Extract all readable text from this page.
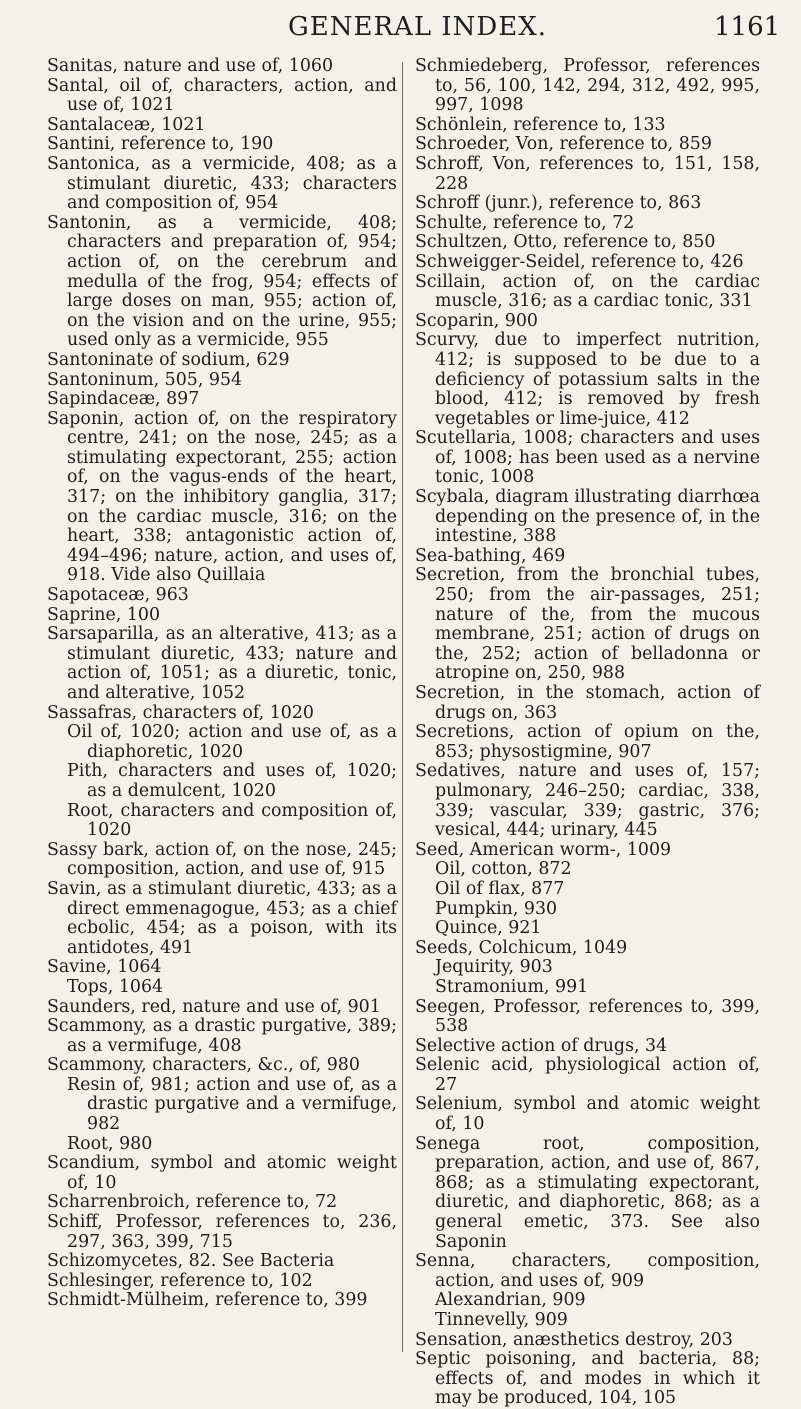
GENERAL INDEX.	1161
Sanitas, nature and use of, 1060
Santal, oil of, characters, action, and use of, 1021
Santalaceæ, 1021
Santini, reference to, 190
Santonica, as a vermicide, 408; as a stimulant diuretic, 433; characters and composition of, 954
Santonin, as a vermicide, 408; characters and preparation of, 954; action of, on the cerebrum and medulla of the frog, 954; effects of large doses on man, 955; action of, on the vision and on the urine, 955; used only as a vermicide, 955
Santoninate of sodium, 629
Santoninum, 505, 954
Sapindaceæ, 897
Saponin, action of, on the respiratory centre, 241; on the nose, 245; as a stimulating expectorant, 255; action of, on the vagus-ends of the heart, 317; on the inhibitory ganglia, 317; on the cardiac muscle, 316; on the heart, 338; antagonistic action of, 494–496; nature, action, and uses of, 918. Vide also Quillaia
Sapotaceæ, 963
Saprine, 100
Sarsaparilla, as an alterative, 413; as a stimulant diuretic, 433; nature and action of, 1051; as a diuretic, tonic, and alterative, 1052
Sassafras, characters of, 1020
Oil of, 1020; action and use of, as a diaphoretic, 1020
Pith, characters and uses of, 1020; as a demulcent, 1020
Root, characters and composition of, 1020
Sassy bark, action of, on the nose, 245; composition, action, and use of, 915
Savin, as a stimulant diuretic, 433; as a direct emmenagogue, 453; as a chief ecbolic, 454; as a poison, with its antidotes, 491
Savine, 1064
Tops, 1064
Saunders, red, nature and use of, 901
Scammony, as a drastic purgative, 389; as a vermifuge, 408
Scammony, characters, &c., of, 980
Resin of, 981; action and use of, as a drastic purgative and a vermifuge, 982
Root, 980
Scandium, symbol and atomic weight of, 10
Scharrenbroich, reference to, 72
Schiff, Professor, references to, 236, 297, 363, 399, 715
Schizomycetes, 82. See Bacteria
Schlesinger, reference to, 102
Schmidt-Mülheim, reference to, 399
Schmiedeberg, Professor, references to, 56, 100, 142, 294, 312, 492, 995, 997, 1098
Schönlein, reference to, 133
Schroeder, Von, reference to, 859
Schroff, Von, references to, 151, 158, 228
Schroff (junr.), reference to, 863
Schulte, reference to, 72
Schultzen, Otto, reference to, 850
Schweigger-Seidel, reference to, 426
Scillain, action of, on the cardiac muscle, 316; as a cardiac tonic, 331
Scoparin, 900
Scurvy, due to imperfect nutrition, 412; is supposed to be due to a deficiency of potassium salts in the blood, 412; is removed by fresh vegetables or lime-juice, 412
Scutellaria, 1008; characters and uses of, 1008; has been used as a nervine tonic, 1008
Scybala, diagram illustrating diarrhœa depending on the presence of, in the intestine, 388
Sea-bathing, 469
Secretion, from the bronchial tubes, 250; from the air-passages, 251; nature of the, from the mucous membrane, 251; action of drugs on the, 252; action of belladonna or atropine on, 250, 988
Secretion, in the stomach, action of drugs on, 363
Secretions, action of opium on the, 853; physostigmine, 907
Sedatives, nature and uses of, 157; pulmonary, 246–250; cardiac, 338, 339; vascular, 339; gastric, 376; vesical, 444; urinary, 445
Seed, American worm-, 1009
Oil, cotton, 872
Oil of flax, 877
Pumpkin, 930
Quince, 921
Seeds, Colchicum, 1049
Jequirity, 903
Stramonium, 991
Seegen, Professor, references to, 399, 538
Selective action of drugs, 34
Selenic acid, physiological action of, 27
Selenium, symbol and atomic weight of, 10
Senega root, composition, preparation, action, and use of, 867, 868; as a stimulating expectorant, diuretic, and diaphoretic, 868; as a general emetic, 373. See also Saponin
Senna, characters, composition, action, and uses of, 909
Alexandrian, 909
Tinnevelly, 909
Sensation, anæsthetics destroy, 203
Septic poisoning, and bacteria, 88; effects of, and modes in which it may be produced, 104, 105
